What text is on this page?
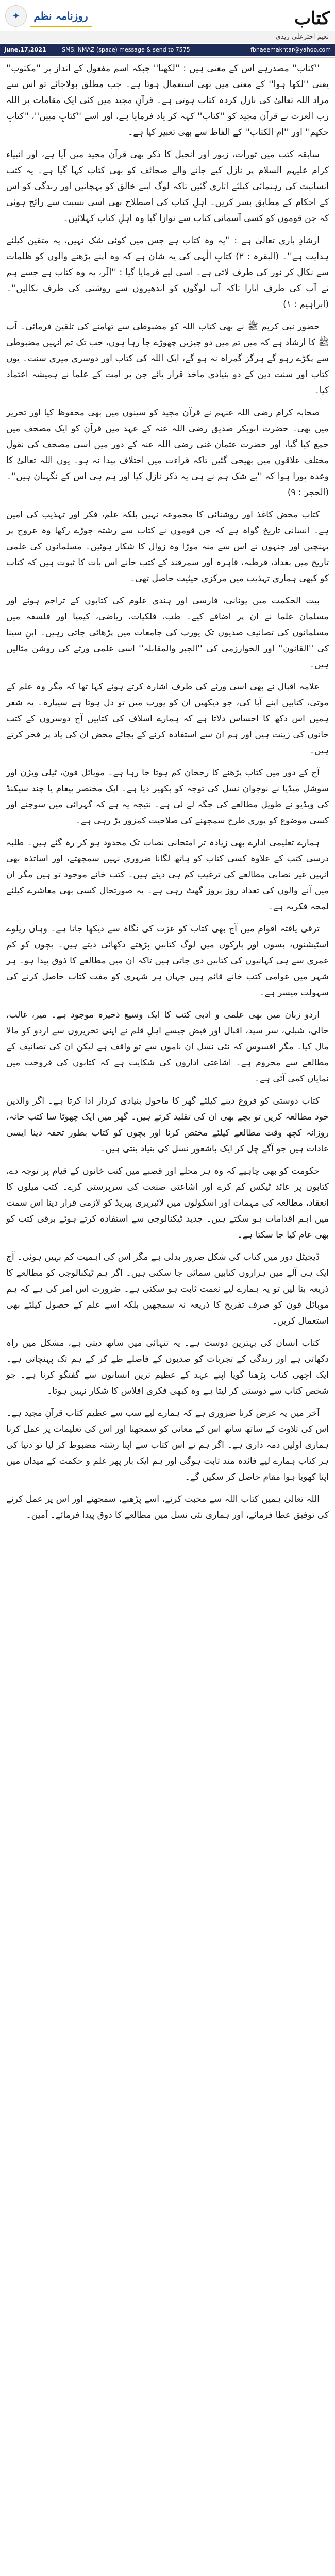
✦	روزنامہ نظم	کتاب
نعیم اخترعلی زیدی
June,17,2021	SMS: NMAZ (space) message & send to 7575	fbnaeemakhtar@yahoo.com

''کتاب'' مصدرہے اس کے معنی ہیں : ''لکھنا'' جبکہ اسم مفعول کے انداز پر ''مکتوب'' یعنی ''لکھا ہوا'' کے معنی میں بھی استعمال ہوتا ہے۔ جب مطلق بولاجائے تو اس سے مراد اللہ تعالیٰ کی نازل کردہ کتاب ہوتی ہے۔ قرآنِ مجید میں کئی ایک مقامات پر اللہ رب العزت نے قرآن مجید کو ''کتاب'' کہہ کر یاد فرمایا ہے، اور اسے ''کتابِ مبین''، ''کتابِ حکیم'' اور ''ام الکتاب'' کے الفاظ سے بھی تعبیر کیا ہے۔

سابقہ کتب میں تورات، زبور اور انجیل کا ذکر بھی قرآن مجید میں آیا ہے، اور انبیاء کرام علیہم السلام پر نازل کیے جانے والے صحائف کو بھی کتاب کہا گیا ہے۔ یہ کتب انسانیت کی رہنمائی کیلئے اتاری گئیں تاکہ لوگ اپنے خالق کو پہچانیں اور زندگی کو اس کے احکام کے مطابق بسر کریں۔ اہلِ کتاب کی اصطلاح بھی اسی نسبت سے رائج ہوئی کہ جن قوموں کو کسی آسمانی کتاب سے نوازا گیا وہ اہلِ کتاب کہلائیں۔

ارشادِ باری تعالیٰ ہے : ''یہ وہ کتاب ہے جس میں کوئی شک نہیں، یہ متقین کیلئے ہدایت ہے''۔ (البقرہ : ۲) کتابِ الٰہی کی یہ شان ہے کہ وہ اپنے پڑھنے والوں کو ظلمات سے نکال کر نور کی طرف لاتی ہے۔ اسی لیے فرمایا گیا : ''الٓر، یہ وہ کتاب ہے جسے ہم نے آپ کی طرف اتارا تاکہ آپ لوگوں کو اندھیروں سے روشنی کی طرف نکالیں''۔ (ابراہیم : ۱)

حضور نبی کریم ﷺ نے بھی کتاب اللہ کو مضبوطی سے تھامنے کی تلقین فرمائی۔ آپ ﷺ کا ارشاد ہے کہ میں تم میں دو چیزیں چھوڑے جا رہا ہوں، جب تک تم انہیں مضبوطی سے پکڑے رہو گے ہرگز گمراہ نہ ہو گے، ایک اللہ کی کتاب اور دوسری میری سنت۔ یوں کتاب اور سنت دین کے دو بنیادی ماخذ قرار پائے جن پر امت کے علما نے ہمیشہ اعتماد کیا۔

صحابہ کرام رضی اللہ عنہم نے قرآن مجید کو سینوں میں بھی محفوظ کیا اور تحریر میں بھی۔ حضرت ابوبکر صدیق رضی اللہ عنہ کے عہد میں قرآن کو ایک مصحف میں جمع کیا گیا، اور حضرت عثمان غنی رضی اللہ عنہ کے دور میں اسی مصحف کی نقول مختلف علاقوں میں بھیجی گئیں تاکہ قراءت میں اختلاف پیدا نہ ہو۔ یوں اللہ تعالیٰ کا وعدہ پورا ہوا کہ ''بے شک ہم نے ہی یہ ذکر نازل کیا اور ہم ہی اس کے نگہبان ہیں''۔ (الحجر : ۹)

کتاب محض کاغذ اور روشنائی کا مجموعہ نہیں بلکہ علم، فکر اور تہذیب کی امین ہے۔ انسانی تاریخ گواہ ہے کہ جن قوموں نے کتاب سے رشتہ جوڑے رکھا وہ عروج پر پہنچیں اور جنہوں نے اس سے منہ موڑا وہ زوال کا شکار ہوئیں۔ مسلمانوں کی علمی تاریخ میں بغداد، قرطبہ، قاہرہ اور سمرقند کے کتب خانے اس بات کا ثبوت ہیں کہ کتاب کو کبھی ہماری تہذیب میں مرکزی حیثیت حاصل تھی۔

بیت الحکمت میں یونانی، فارسی اور ہندی علوم کی کتابوں کے تراجم ہوئے اور مسلمان علما نے ان پر اضافے کیے۔ طب، فلکیات، ریاضی، کیمیا اور فلسفہ میں مسلمانوں کی تصانیف صدیوں تک یورپ کی جامعات میں پڑھائی جاتی رہیں۔ ابنِ سینا کی ''القانون'' اور الخوارزمی کی ''الجبر والمقابلہ'' اسی علمی ورثے کی روشن مثالیں ہیں۔

علامہ اقبال نے بھی اسی ورثے کی طرف اشارہ کرتے ہوئے کہا تھا کہ مگر وہ علم کے موتی، کتابیں اپنے آبا کی، جو دیکھیں ان کو یورپ میں تو دل ہوتا ہے سیپارہ۔ یہ شعر ہمیں اس دکھ کا احساس دلاتا ہے کہ ہمارے اسلاف کی کتابیں آج دوسروں کے کتب خانوں کی زینت ہیں اور ہم ان سے استفادہ کرنے کے بجائے محض ان کی یاد پر فخر کرتے ہیں۔

آج کے دور میں کتاب پڑھنے کا رجحان کم ہوتا جا رہا ہے۔ موبائل فون، ٹیلی ویژن اور سوشل میڈیا نے نوجوان نسل کی توجہ کو بکھیر دیا ہے۔ ایک مختصر پیغام یا چند سیکنڈ کی ویڈیو نے طویل مطالعے کی جگہ لے لی ہے۔ نتیجہ یہ ہے کہ گہرائی میں سوچنے اور کسی موضوع کو پوری طرح سمجھنے کی صلاحیت کمزور پڑ رہی ہے۔

ہمارے تعلیمی ادارے بھی زیادہ تر امتحانی نصاب تک محدود ہو کر رہ گئے ہیں۔ طلبہ درسی کتب کے علاوہ کسی کتاب کو ہاتھ لگانا ضروری نہیں سمجھتے، اور اساتذہ بھی انہیں غیر نصابی مطالعے کی ترغیب کم ہی دیتے ہیں۔ کتب خانے موجود تو ہیں مگر ان میں آنے والوں کی تعداد روز بروز گھٹ رہی ہے۔ یہ صورتحال کسی بھی معاشرے کیلئے لمحہ فکریہ ہے۔

ترقی یافتہ اقوام میں آج بھی کتاب کو عزت کی نگاہ سے دیکھا جاتا ہے۔ وہاں ریلوے اسٹیشنوں، بسوں اور پارکوں میں لوگ کتابیں پڑھتے دکھائی دیتے ہیں۔ بچوں کو کم عمری سے ہی کہانیوں کی کتابیں دی جاتی ہیں تاکہ ان میں مطالعے کا ذوق پیدا ہو۔ ہر شہر میں عوامی کتب خانے قائم ہیں جہاں ہر شہری کو مفت کتاب حاصل کرنے کی سہولت میسر ہے۔

اردو زبان میں بھی علمی و ادبی کتب کا ایک وسیع ذخیرہ موجود ہے۔ میر، غالب، حالی، شبلی، سر سید، اقبال اور فیض جیسے اہلِ قلم نے اپنی تحریروں سے اردو کو مالا مال کیا۔ مگر افسوس کہ نئی نسل ان ناموں سے تو واقف ہے لیکن ان کی تصانیف کے مطالعے سے محروم ہے۔ اشاعتی اداروں کی شکایت ہے کہ کتابوں کی فروخت میں نمایاں کمی آئی ہے۔

کتاب دوستی کو فروغ دینے کیلئے گھر کا ماحول بنیادی کردار ادا کرتا ہے۔ اگر والدین خود مطالعہ کریں تو بچے بھی ان کی تقلید کرتے ہیں۔ گھر میں ایک چھوٹا سا کتب خانہ، روزانہ کچھ وقت مطالعے کیلئے مختص کرنا اور بچوں کو کتاب بطور تحفہ دینا ایسی عادات ہیں جو آگے چل کر ایک باشعور نسل کی بنیاد بنتی ہیں۔

حکومت کو بھی چاہیے کہ وہ ہر محلے اور قصبے میں کتب خانوں کے قیام پر توجہ دے، کتابوں پر عائد ٹیکس کم کرے اور اشاعتی صنعت کی سرپرستی کرے۔ کتب میلوں کا انعقاد، مطالعہ کی مہمات اور اسکولوں میں لائبریری پیریڈ کو لازمی قرار دینا اس سمت میں اہم اقدامات ہو سکتے ہیں۔ جدید ٹیکنالوجی سے استفادہ کرتے ہوئے برقی کتب کو بھی عام کیا جا سکتا ہے۔

ڈیجیٹل دور میں کتاب کی شکل ضرور بدلی ہے مگر اس کی اہمیت کم نہیں ہوئی۔ آج ایک ہی آلے میں ہزاروں کتابیں سمائی جا سکتی ہیں۔ اگر ہم ٹیکنالوجی کو مطالعے کا ذریعہ بنا لیں تو یہ ہمارے لیے نعمت ثابت ہو سکتی ہے۔ ضرورت اس امر کی ہے کہ ہم موبائل فون کو صرف تفریح کا ذریعہ نہ سمجھیں بلکہ اسے علم کے حصول کیلئے بھی استعمال کریں۔

کتاب انسان کی بہترین دوست ہے۔ یہ تنہائی میں ساتھ دیتی ہے، مشکل میں راہ دکھاتی ہے اور زندگی کے تجربات کو صدیوں کے فاصلے طے کر کے ہم تک پہنچاتی ہے۔ ایک اچھی کتاب پڑھنا گویا اپنے عہد کے عظیم ترین انسانوں سے گفتگو کرنا ہے۔ جو شخص کتاب سے دوستی کر لیتا ہے وہ کبھی فکری افلاس کا شکار نہیں ہوتا۔

آخر میں یہ عرض کرنا ضروری ہے کہ ہمارے لیے سب سے عظیم کتاب قرآنِ مجید ہے۔ اس کی تلاوت کے ساتھ ساتھ اس کے معانی کو سمجھنا اور اس کی تعلیمات پر عمل کرنا ہماری اولین ذمہ داری ہے۔ اگر ہم نے اس کتاب سے اپنا رشتہ مضبوط کر لیا تو دنیا کی ہر کتاب ہمارے لیے فائدہ مند ثابت ہوگی اور ہم ایک بار پھر علم و حکمت کے میدان میں اپنا کھویا ہوا مقام حاصل کر سکیں گے۔

اللہ تعالیٰ ہمیں کتاب اللہ سے محبت کرنے، اسے پڑھنے، سمجھنے اور اس پر عمل کرنے کی توفیق عطا فرمائے، اور ہماری نئی نسل میں مطالعے کا ذوق پیدا فرمائے۔ آمین۔
